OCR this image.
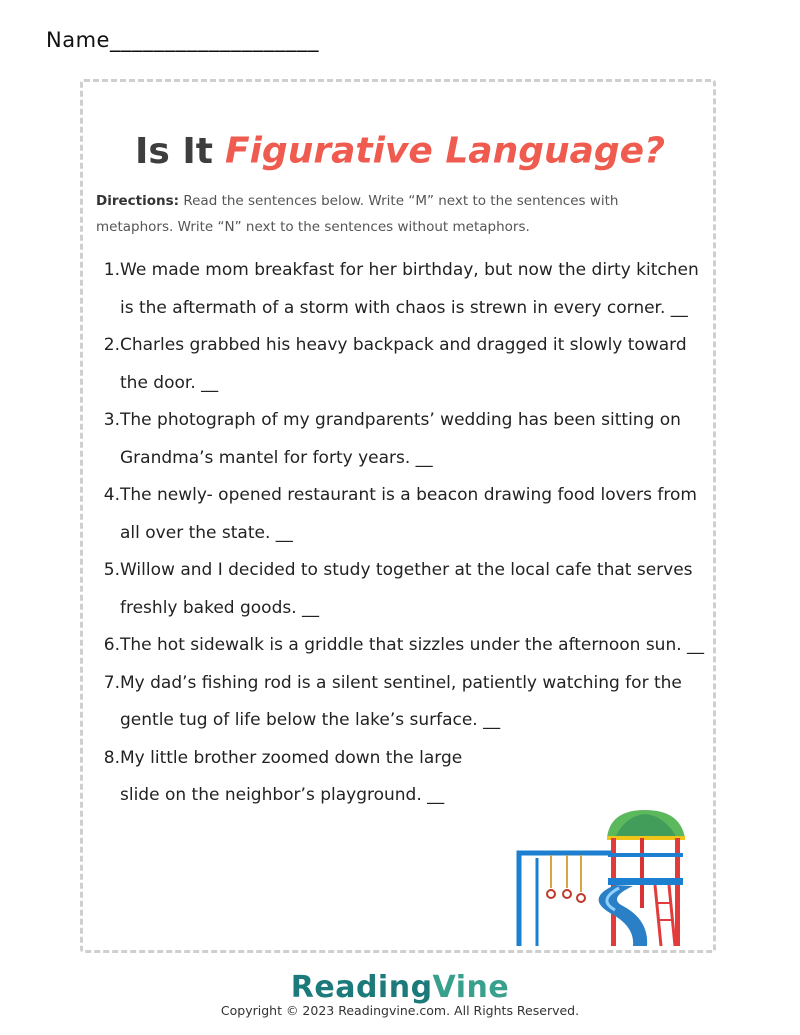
Name___________________
Is It Figurative Language?
Directions: Read the sentences below. Write “M” next to the sentences with metaphors. Write “N” next to the sentences without metaphors.
1. We made mom breakfast for her birthday, but now the dirty kitchen is the aftermath of a storm with chaos is strewn in every corner. __
2. Charles grabbed his heavy backpack and dragged it slowly toward the door. __
3. The photograph of my grandparents’ wedding has been sitting on Grandma’s mantel for forty years. __
4. The newly- opened restaurant is a beacon drawing food lovers from all over the state. __
5. Willow and I decided to study together at the local cafe that serves freshly baked goods. __
6. The hot sidewalk is a griddle that sizzles under the afternoon sun. __
7. My dad’s fishing rod is a silent sentinel, patiently watching for the gentle tug of life below the lake’s surface. __
8. My little brother zoomed down the large slide on the neighbor’s playground. __
ReadingVine
Copyright © 2023 Readingvine.com. All Rights Reserved.
